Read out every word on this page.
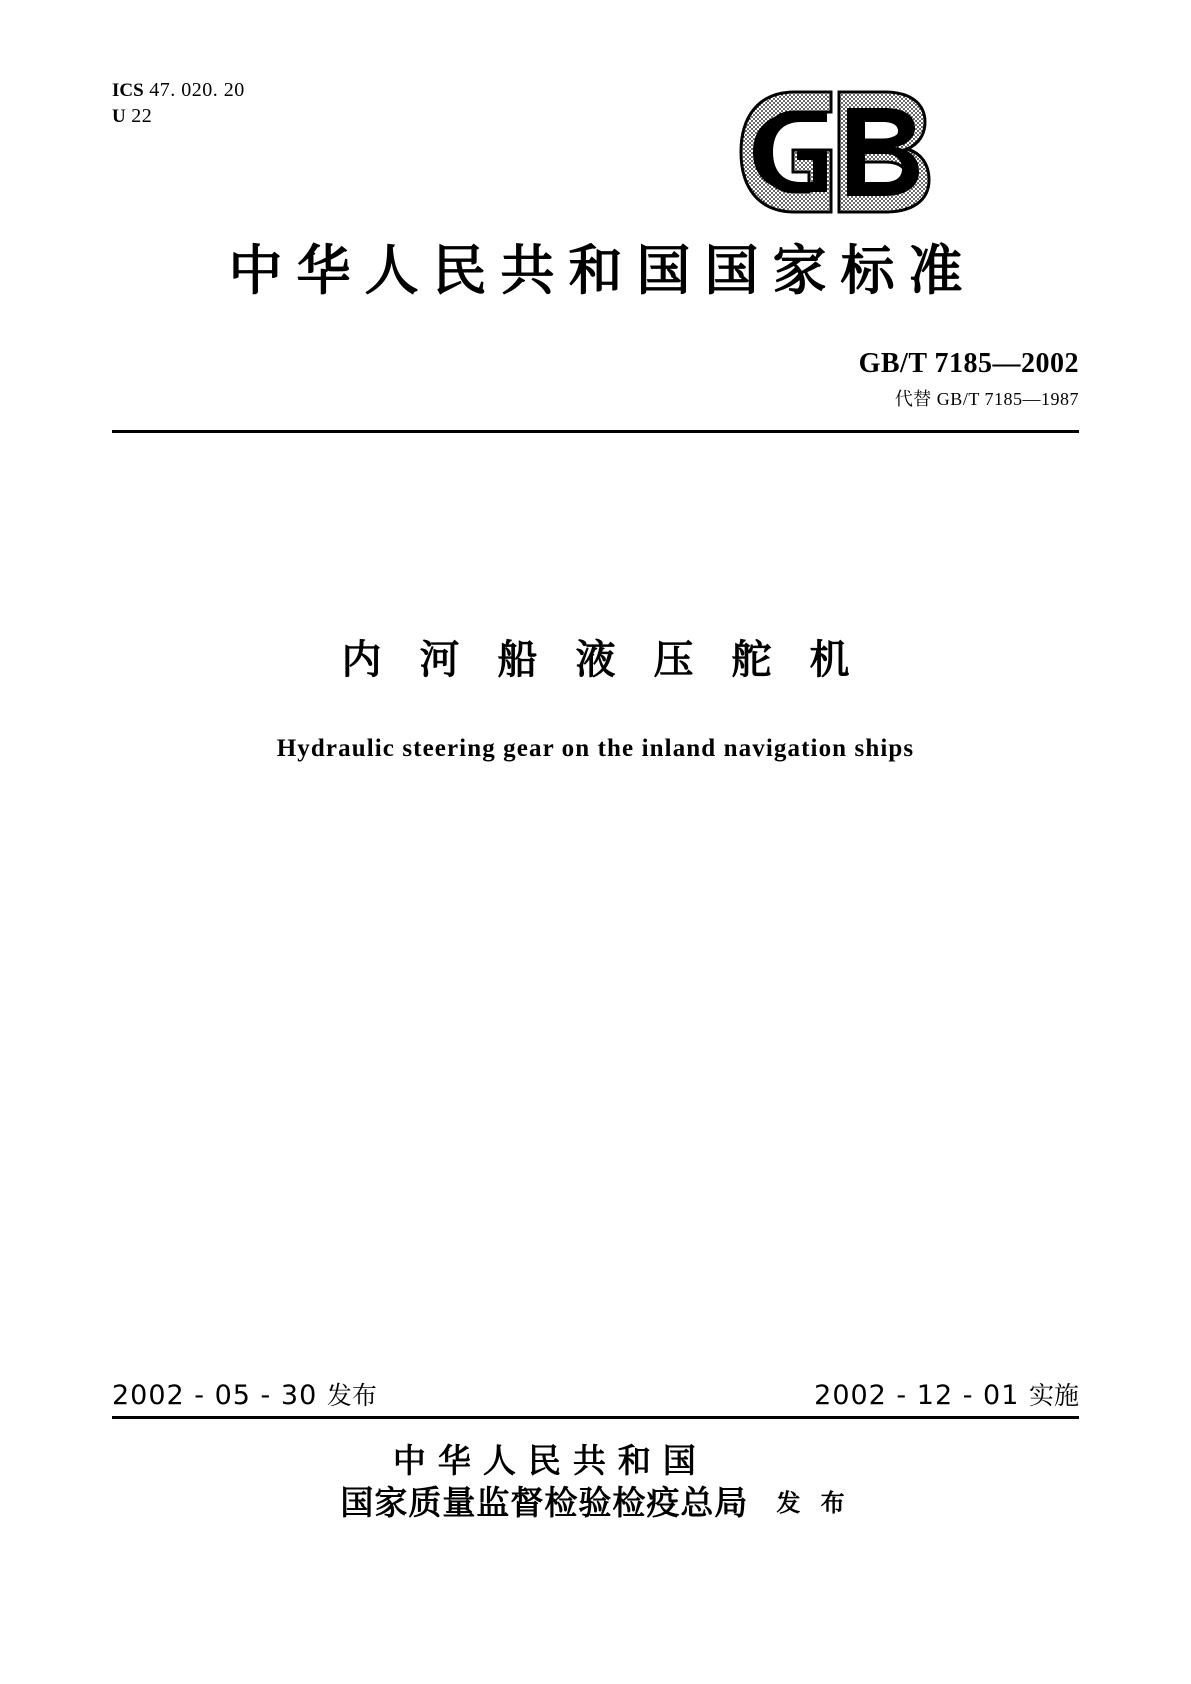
ICS 47. 020. 20
U 22
中华人民共和国国家标准
GB/T 7185—2002
代替 GB/T 7185—1987
内河船液压舵机
Hydraulic steering gear on the inland navigation ships
2002 - 05 - 30 发布	2002 - 12 - 01 实施
中华人民共和国
国家质量监督检验检疫总局 发 布
